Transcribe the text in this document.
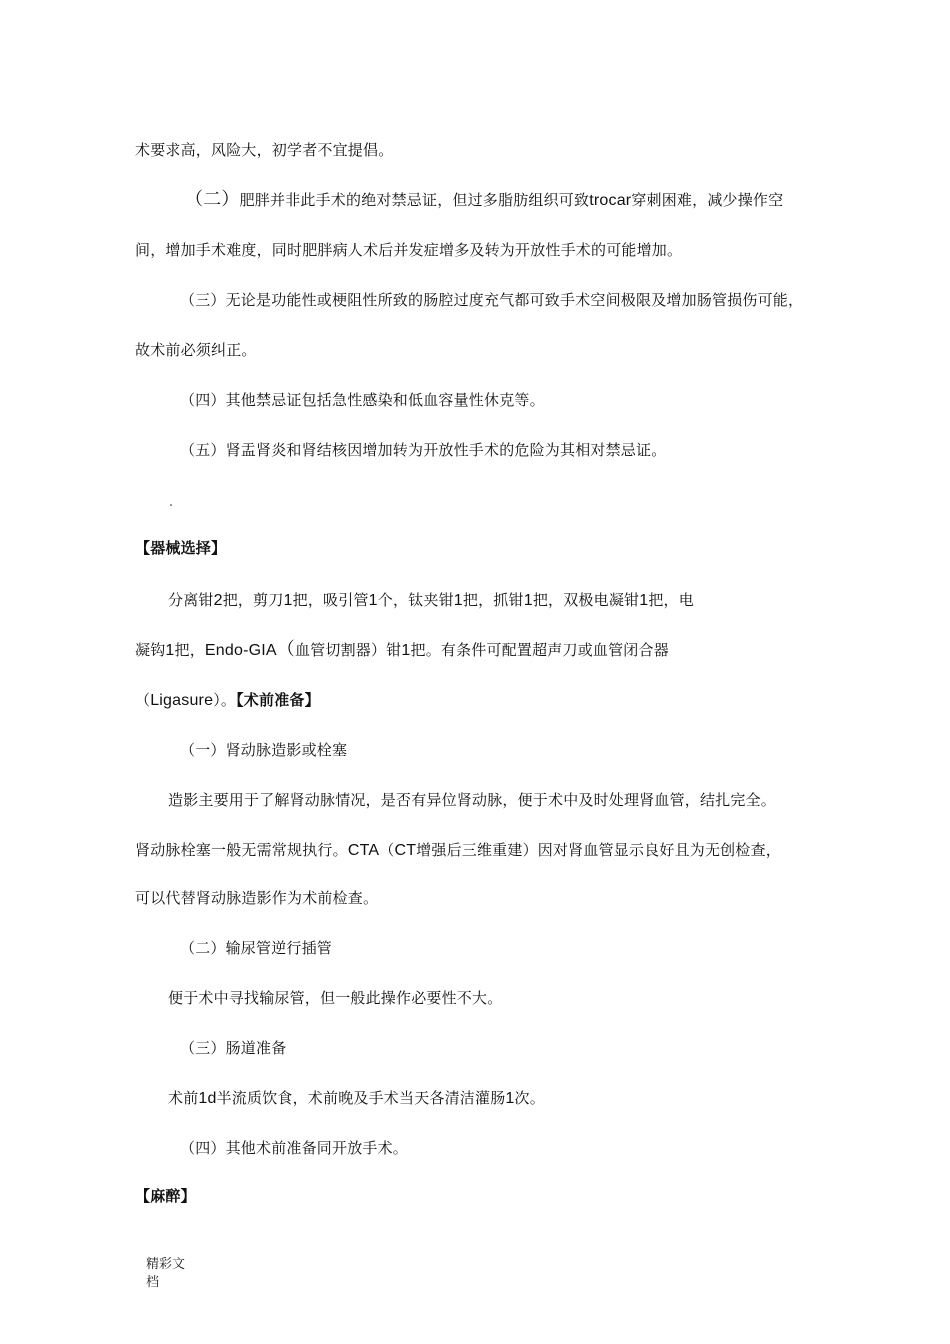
术要求高，风险大，初学者不宜提倡。
（二）肥胖并非此手术的绝对禁忌证，但过多脂肪组织可致trocar穿刺困难，减少操作空
间，增加手术难度，同时肥胖病人术后并发症增多及转为开放性手术的可能增加。
（三）无论是功能性或梗阻性所致的肠腔过度充气都可致手术空间极限及增加肠管损伤可能，
故术前必须纠正。
（四）其他禁忌证包括急性感染和低血容量性休克等。
（五）肾盂肾炎和肾结核因增加转为开放性手术的危险为其相对禁忌证。
【器械选择】
分离钳2把，剪刀1把，吸引管1个，钛夹钳1把，抓钳1把，双极电凝钳1把，电
凝钩1把，Endo-GIA（血管切割器）钳1把。有条件可配置超声刀或血管闭合器
（Ligasure）。【术前准备】
（一）肾动脉造影或栓塞
造影主要用于了解肾动脉情况，是否有异位肾动脉，便于术中及时处理肾血管，结扎完全。
肾动脉栓塞一般无需常规执行。CTA（CT增强后三维重建）因对肾血管显示良好且为无创检查，
可以代替肾动脉造影作为术前检查。
（二）输尿管逆行插管
便于术中寻找输尿管，但一般此操作必要性不大。
（三）肠道准备
术前1d半流质饮食，术前晚及手术当天各清洁灌肠1次。
（四）其他术前准备同开放手术。
【麻醉】
精彩文
档
